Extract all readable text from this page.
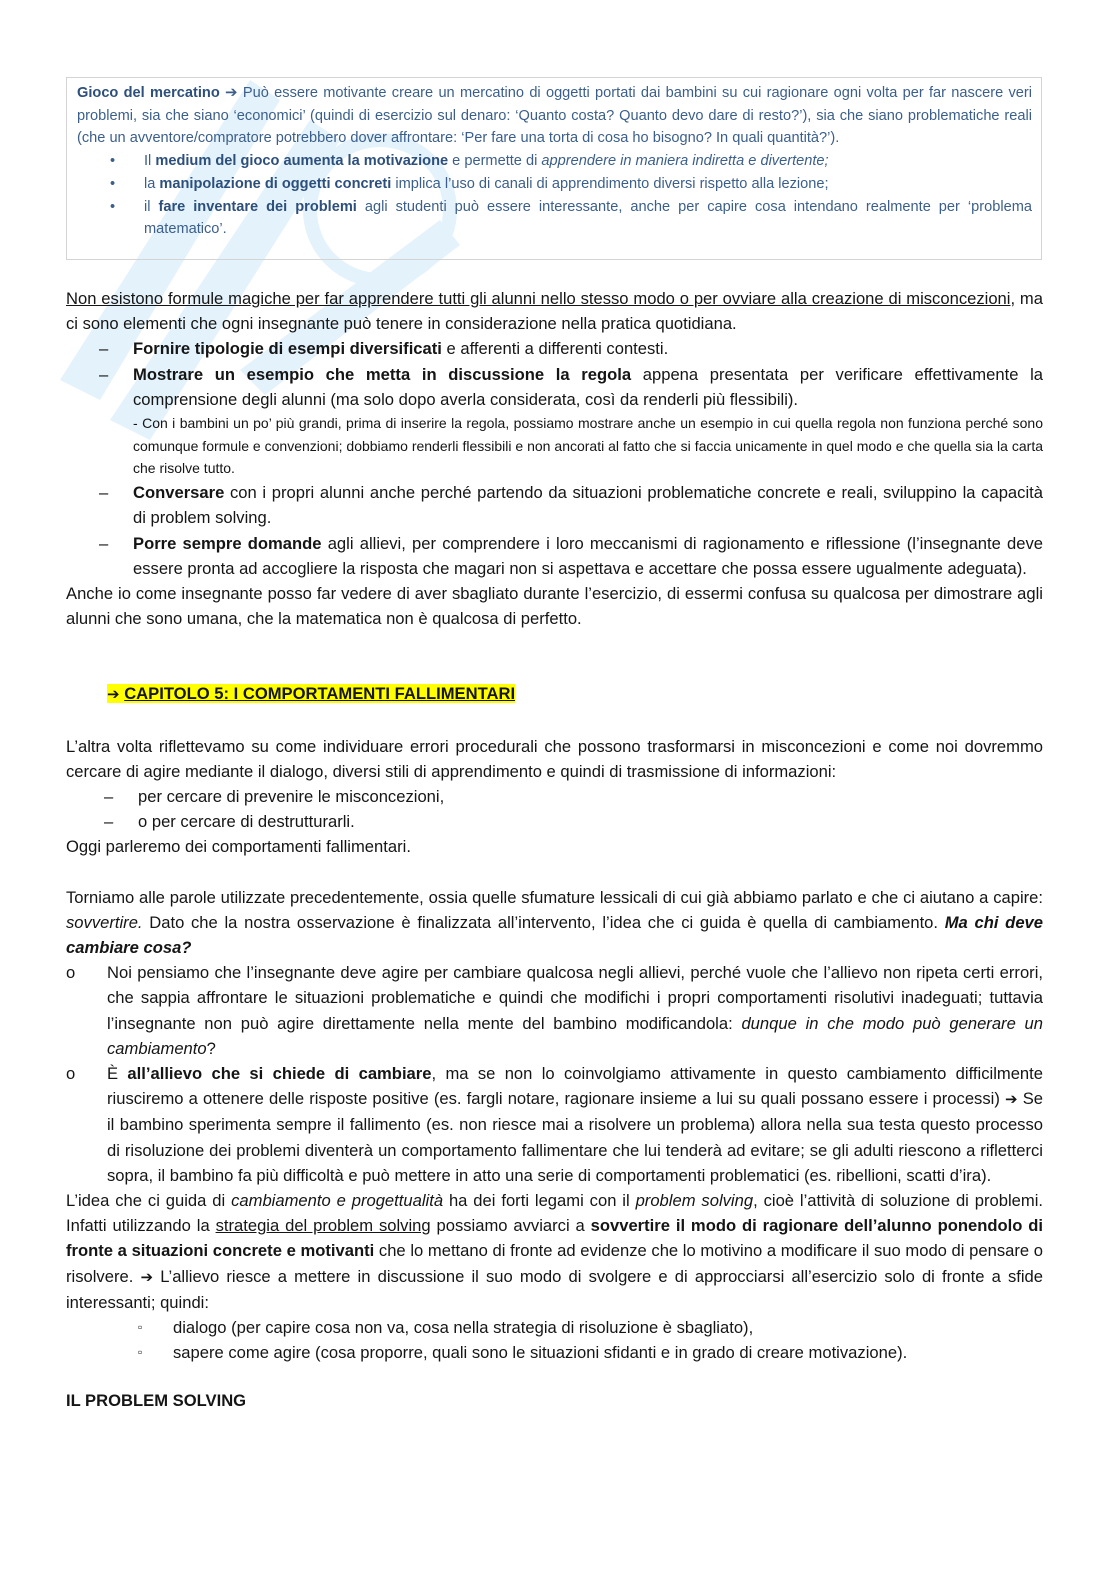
Gioco del mercatino ➔ Può essere motivante creare un mercatino di oggetti portati dai bambini su cui ragionare ogni volta per far nascere veri problemi, sia che siano ‘economici’ (quindi di esercizio sul denaro: ‘Quanto costa? Quanto devo dare di resto?’), sia che siano problematiche reali (che un avventore/compratore potrebbero dover affrontare: ‘Per fare una torta di cosa ho bisogno? In quali quantità?’).

• Il medium del gioco aumenta la motivazione e permette di apprendere in maniera indiretta e divertente;
• la manipolazione di oggetti concreti implica l’uso di canali di apprendimento diversi rispetto alla lezione;
• il fare inventare dei problemi agli studenti può essere interessante, anche per capire cosa intendano realmente per ‘problema matematico’.

Non esistono formule magiche per far apprendere tutti gli alunni nello stesso modo o per ovviare alla creazione di misconcezioni, ma ci sono elementi che ogni insegnante può tenere in considerazione nella pratica quotidiana.

– Fornire tipologie di esempi diversificati e afferenti a differenti contesti.
– Mostrare un esempio che metta in discussione la regola appena presentata per verificare effettivamente la comprensione degli alunni (ma solo dopo averla considerata, così da renderli più flessibili).
- Con i bambini un po’ più grandi, prima di inserire la regola, possiamo mostrare anche un esempio in cui quella regola non funziona perché sono comunque formule e convenzioni; dobbiamo renderli flessibili e non ancorati al fatto che si faccia unicamente in quel modo e che quella sia la carta che risolve tutto.
– Conversare con i propri alunni anche perché partendo da situazioni problematiche concrete e reali, sviluppino la capacità di problem solving.
– Porre sempre domande agli allievi, per comprendere i loro meccanismi di ragionamento e riflessione (l’insegnante deve essere pronta ad accogliere la risposta che magari non si aspettava e accettare che possa essere ugualmente adeguata).

Anche io come insegnante posso far vedere di aver sbagliato durante l’esercizio, di essermi confusa su qualcosa per dimostrare agli alunni che sono umana, che la matematica non è qualcosa di perfetto.

➔ CAPITOLO 5: I COMPORTAMENTI FALLIMENTARI

L’altra volta riflettevamo su come individuare errori procedurali che possono trasformarsi in misconcezioni e come noi dovremmo cercare di agire mediante il dialogo, diversi stili di apprendimento e quindi di trasmissione di informazioni:

– per cercare di prevenire le misconcezioni,
– o per cercare di destrutturarli.

Oggi parleremo dei comportamenti fallimentari.

Torniamo alle parole utilizzate precedentemente, ossia quelle sfumature lessicali di cui già abbiamo parlato e che ci aiutano a capire: sovvertire. Dato che la nostra osservazione è finalizzata all’intervento, l’idea che ci guida è quella di cambiamento. Ma chi deve cambiare cosa?

o Noi pensiamo che l’insegnante deve agire per cambiare qualcosa negli allievi, perché vuole che l’allievo non ripeta certi errori, che sappia affrontare le situazioni problematiche e quindi che modifichi i propri comportamenti risolutivi inadeguati; tuttavia l’insegnante non può agire direttamente nella mente del bambino modificandola: dunque in che modo può generare un cambiamento?
o È all’allievo che si chiede di cambiare, ma se non lo coinvolgiamo attivamente in questo cambiamento difficilmente riusciremo a ottenere delle risposte positive (es. fargli notare, ragionare insieme a lui su quali possano essere i processi) ➔ Se il bambino sperimenta sempre il fallimento (es. non riesce mai a risolvere un problema) allora nella sua testa questo processo di risoluzione dei problemi diventerà un comportamento fallimentare che lui tenderà ad evitare; se gli adulti riescono a rifletterci sopra, il bambino fa più difficoltà e può mettere in atto una serie di comportamenti problematici (es. ribellioni, scatti d’ira).

L’idea che ci guida di cambiamento e progettualità ha dei forti legami con il problem solving, cioè l’attività di soluzione di problemi. Infatti utilizzando la strategia del problem solving possiamo avviarci a sovvertire il modo di ragionare dell’alunno ponendolo di fronte a situazioni concrete e motivanti che lo mettano di fronte ad evidenze che lo motivino a modificare il suo modo di pensare o risolvere. ➔ L’allievo riesce a mettere in discussione il suo modo di svolgere e di approcciarsi all’esercizio solo di fronte a sfide interessanti; quindi:

▫ dialogo (per capire cosa non va, cosa nella strategia di risoluzione è sbagliato),
▫ sapere come agire (cosa proporre, quali sono le situazioni sfidanti e in grado di creare motivazione).

IL PROBLEM SOLVING
